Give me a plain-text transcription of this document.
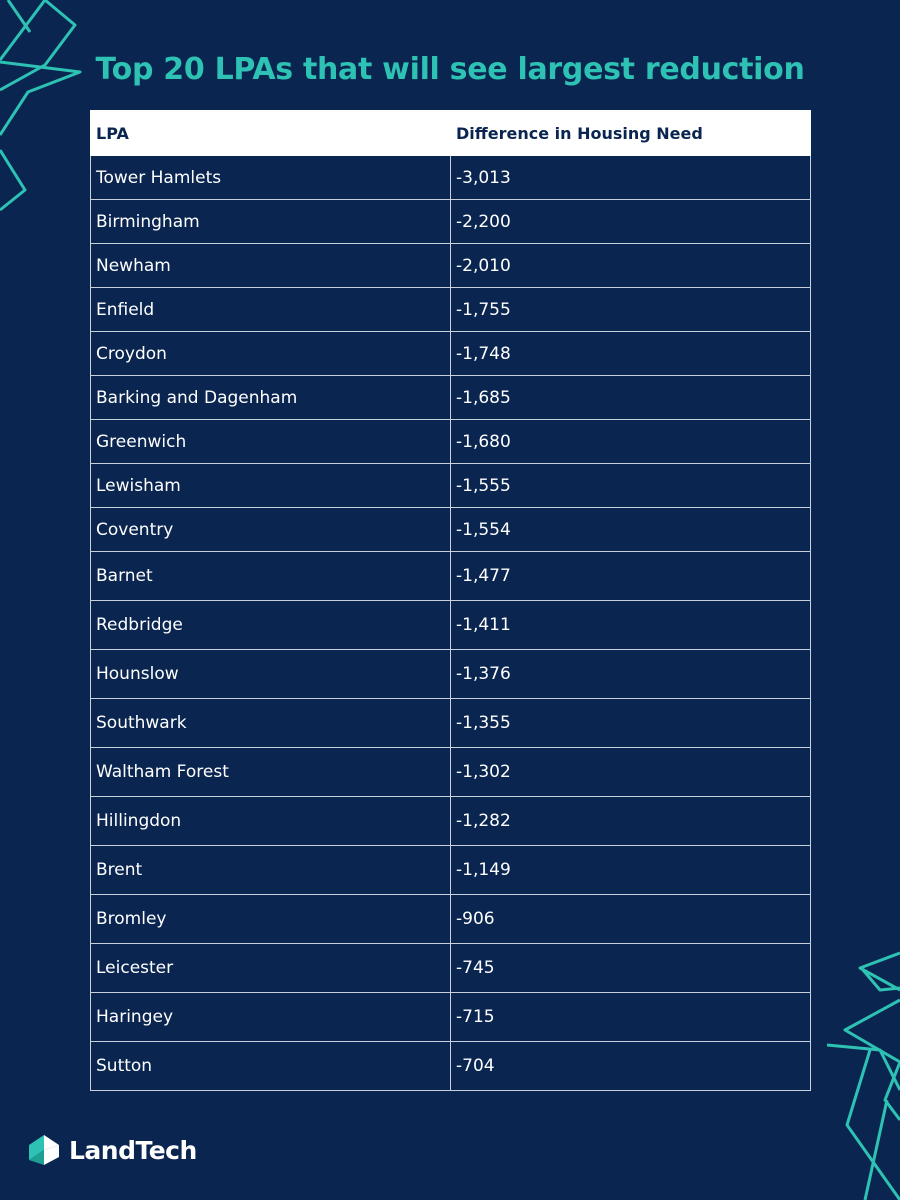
Top 20 LPAs that will see largest reduction
LPA	Difference in Housing Need
Tower Hamlets	-3,013
Birmingham	-2,200
Newham	-2,010
Enfield	-1,755
Croydon	-1,748
Barking and Dagenham	-1,685
Greenwich	-1,680
Lewisham	-1,555
Coventry	-1,554
Barnet	-1,477
Redbridge	-1,411
Hounslow	-1,376
Southwark	-1,355
Waltham Forest	-1,302
Hillingdon	-1,282
Brent	-1,149
Bromley	-906
Leicester	-745
Haringey	-715
Sutton	-704
LandTech
